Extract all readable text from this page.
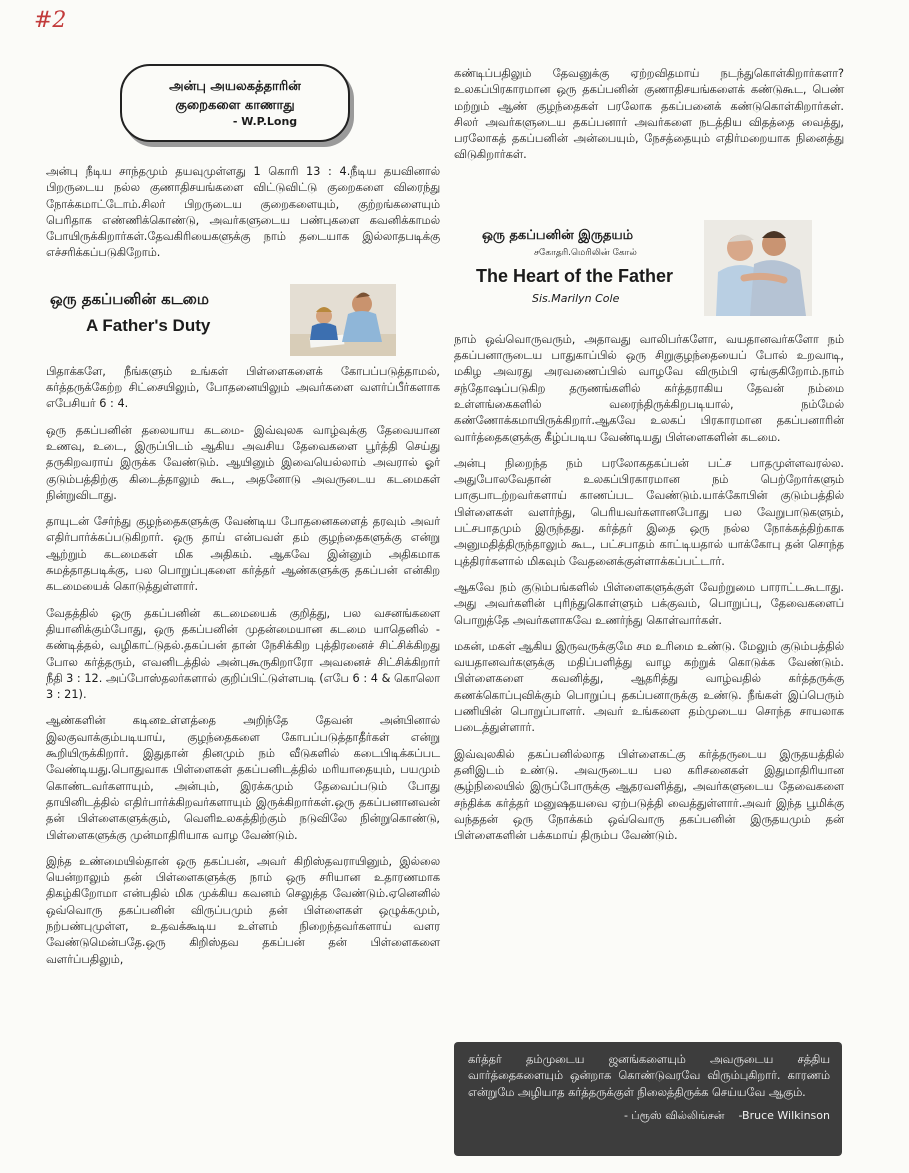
#2
அன்பு அயலகத்தாரின்
குறைகளை காணாது
- W.P.Long

அன்பு நீடிய சாந்தமும் தயவுமுள்ளது 1 கொரி 13 : 4.நீடிய தயவினால் பிறருடைய நல்ல குணாதிசயங்களை விட்டுவிட்டு குறைகளை விரைந்து நோக்கமாட்டோம்.சிலர் பிறருடைய குறைகளையும், குற்றங்களையும் பெரிதாக எண்ணிக்கொண்டு, அவர்களுடைய பண்புகளை கவனிக்காமல் போயிருக்கிறார்கள்.தேவகிரியைகளுக்கு நாம் தடையாக இல்லாதபடிக்கு எச்சரிக்கப்படுகிறோம்.

ஒரு தகப்பனின் கடமை
A Father's Duty

பிதாக்களே, நீங்களும் உங்கள் பிள்ளைகளைக் கோபப்படுத்தாமல், கர்த்தருக்கேற்ற சிட்சையிலும், போதனையிலும் அவர்களை வளர்ப்பீர்களாக எபேசியர் 6 : 4.

ஒரு தகப்பனின் தலையாய கடமை- இவ்வுலக வாழ்வுக்கு தேவையான உணவு, உடை, இருப்பிடம் ஆகிய அவசிய தேவைகளை பூர்த்தி செய்து தருகிறவராய் இருக்க வேண்டும். ஆயினும் இவையெல்லாம் அவரால் ஓர் குடும்பத்திற்கு கிடைத்தாலும் கூட, அதனோடு அவருடைய கடமைகள் நின்றுவிடாது.

தாயுடன் சேர்ந்து குழந்தைகளுக்கு வேண்டிய போதனைகளைத் தரவும் அவர் எதிர்பார்க்கப்படுகிறார். ஒரு தாய் என்பவள் தம் குழந்தைகளுக்கு என்று ஆற்றும் கடமைகள் மிக அதிகம். ஆகவே இன்னும் அதிகமாக சுமத்தாதபடிக்கு, பல பொறுப்புகளை கர்த்தர் ஆண்களுக்கு தகப்பன் என்கிற கடமையைக் கொடுத்துள்ளார்.

வேதத்தில் ஒரு தகப்பனின் கடமையைக் குறித்து, பல வசனங்களை தியானிக்கும்போது, ஒரு தகப்பனின் முதன்மையான கடமை யாதெனில் - கண்டித்தல், வழிகாட்டுதல்.தகப்பன் தான் நேசிக்கிற புத்திரனைச் சிட்சிக்கிறது போல கர்த்தரும், எவனிடத்தில் அன்புகூருகிறாரோ அவனைச் சிட்சிக்கிறார் நீதி 3 : 12. அப்போஸ்தலர்களால் குறிப்பிட்டுள்ளபடி (எபே 6 : 4 & கொலொ 3 : 21).

ஆண்களின் கடினஉள்ளத்தை அறிந்தே தேவன் அன்பினால் இலகுவாக்கும்படியாய், குழந்தைகளை கோபப்படுத்தாதீர்கள் என்று கூறியிருக்கிறார். இதுதான் தினமும் நம் வீடுகளில் கடைபிடிக்கப்பட வேண்டியது.பொதுவாக பிள்ளைகள் தகப்பனிடத்தில் மரியாதையும், பயமும் கொண்டவர்களாயும், அன்பும், இரக்கமும் தேவைப்படும் போது தாயினிடத்தில் எதிர்பார்க்கிறவர்களாயும் இருக்கிறார்கள்.ஒரு தகப்பனானவன் தன் பிள்ளைகளுக்கும், வெளிஉலகத்திற்கும் நடுவிலே நின்றுகொண்டு, பிள்ளைகளுக்கு முன்மாதிரியாக வாழ வேண்டும்.

இந்த உண்மையில்தான் ஒரு தகப்பன், அவர் கிறிஸ்தவராயினும், இல்லை யென்றாலும் தன் பிள்ளைகளுக்கு நாம் ஒரு சரியான உதாரணமாக திகழ்கிறோமா என்பதில் மிக முக்கிய கவனம் செலுத்த வேண்டும்.ஏனெனில் ஒவ்வொரு தகப்பனின் விருப்பமும் தன் பிள்ளைகள் ஒழுக்கமும், நற்பண்புமுள்ள, உதவக்கூடிய உள்ளம் நிறைந்தவர்களாய் வளர வேண்டுமென்பதே.ஒரு கிறிஸ்தவ தகப்பன் தன் பிள்ளைகளை வளர்ப்பதிலும்,

கண்டிப்பதிலும் தேவனுக்கு ஏற்றவிதமாய் நடந்துகொள்கிறார்களா? உலகப்பிரகாரமான ஒரு தகப்பனின் குணாதிசயங்களைக் கண்டுகூட, பெண் மற்றும் ஆண் குழந்தைகள் பரலோக தகப்பனைக் கண்டுகொள்கிறார்கள். சிலர் அவர்களுடைய தகப்பனார் அவர்களை நடத்திய விதத்தை வைத்து, பரலோகத் தகப்பனின் அன்பையும், நேசத்தையும் எதிர்மறையாக நினைத்து விடுகிறார்கள்.

ஒரு தகப்பனின் இருதயம்
சகோதரி.மெரிலின் கோல்
The Heart of the Father
Sis.Marilyn Cole

நாம் ஒவ்வொருவரும், அதாவது வாலிபர்களோ, வயதானவர்களோ நம் தகப்பனாருடைய பாதுகாப்பில் ஒரு சிறுகுழந்தையைப் போல் உறவாடி, மகிழ அவரது அரவணைப்பில் வாழவே விரும்பி ஏங்குகிறோம்.நாம் சந்தோஷப்படுகிற தருணங்களில் கர்த்தராகிய தேவன் நம்மை உள்ளங்கைகளில் வரைந்திருக்கிறபடியால், நம்மேல் கண்ணோக்கமாயிருக்கிறார்.ஆகவே உலகப் பிரகாரமான தகப்பனாரின் வார்த்தைகளுக்கு கீழ்ப்படிய வேண்டியது பிள்ளைகளின் கடமை.

அன்பு நிறைந்த நம் பரலோகதகப்பன் பட்ச பாதமுள்ளவரல்ல. அதுபோலவேதான் உலகப்பிரகாரமான நம் பெற்றோர்களும் பாகுபாடற்றவர்களாய் காணப்பட வேண்டும்.யாக்கோபின் குடும்பத்தில் பிள்ளைகள் வளர்ந்து, பெரியவர்களானபோது பல வேறுபாடுகளும், பட்சபாதமும் இருந்தது. கர்த்தர் இதை ஒரு நல்ல நோக்கத்திற்காக அனுமதித்திருந்தாலும் கூட, பட்சபாதம் காட்டியதால் யாக்கோபு தன் சொந்த புத்திரர்களால் மிகவும் வேதனைக்குள்ளாக்கப்பட்டார்.

ஆகவே நம் குடும்பங்களில் பிள்ளைகளுக்குள் வேற்றுமை பாராட்டகூடாது. அது அவர்களின் புரிந்துகொள்ளும் பக்குவம், பொறுப்பு, தேவைகளைப் பொறுத்தே அவர்களாகவே உணர்ந்து கொள்வார்கள்.

மகன், மகள் ஆகிய இருவருக்குமே சம உரிமை உண்டு. மேலும் குடும்பத்தில் வயதானவர்களுக்கு மதிப்பளித்து வாழ கற்றுக் கொடுக்க வேண்டும். பிள்ளைகளை கவனித்து, ஆதரித்து வாழ்வதில் கர்த்தருக்கு கணக்கொப்புவிக்கும் பொறுப்பு தகப்பனாருக்கு உண்டு. நீங்கள் இப்பெரும் பணியின் பொறுப்பாளர். அவர் உங்களை தம்முடைய சொந்த சாயலாக படைத்துள்ளார்.

இவ்வுலகில் தகப்பனில்லாத பிள்ளைகட்கு கர்த்தருடைய இருதயத்தில் தனிஇடம் உண்டு. அவருடைய பல கரிசனைகள் இதுமாதிரியான சூழ்நிலையில் இருப்போருக்கு ஆதரவளித்து, அவர்களுடைய தேவைகளை சந்திக்க கர்த்தர் மனுஷதயவை ஏற்படுத்தி வைத்துள்ளார்.அவர் இந்த பூமிக்கு வந்ததன் ஒரு நோக்கம் ஒவ்வொரு தகப்பனின் இருதயமும் தன் பிள்ளைகளின் பக்கமாய் திரும்ப வேண்டும்.

கர்த்தர் தம்முடைய ஜனங்களையும் அவருடைய சத்திய வார்த்தைகளையும் ஒன்றாக கொண்டுவரவே விரும்புகிறார். காரணம் என்றுமே அழியாத கர்த்தருக்குள் நிலைத்திருக்க செய்யவே ஆகும்.

- ப்ரூஸ் வில்லிங்சன் -Bruce Wilkinson
